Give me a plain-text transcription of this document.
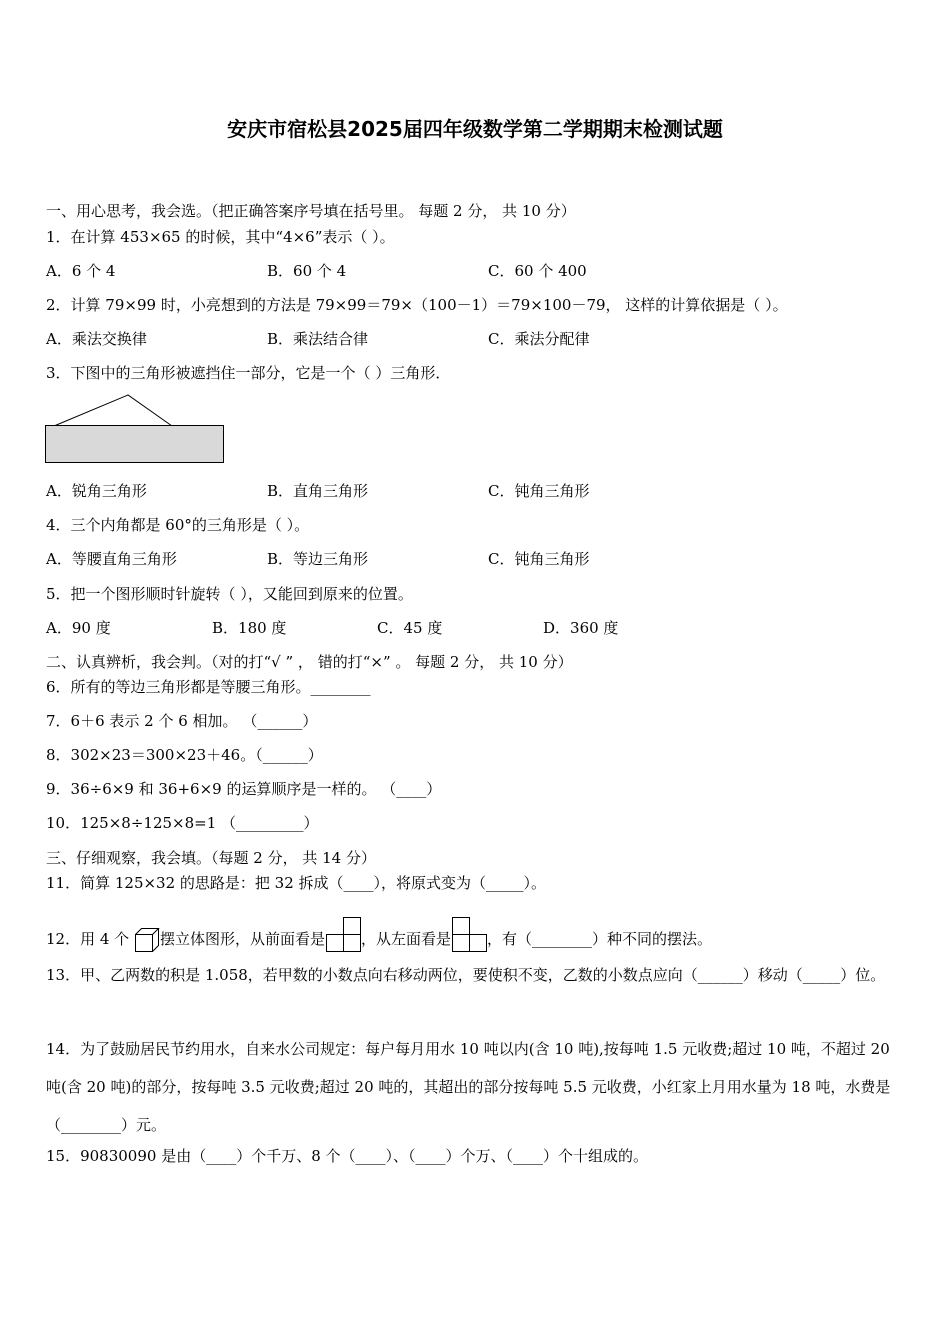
安庆市宿松县2025届四年级数学第二学期期末检测试题
一、用心思考，我会选。（把正确答案序号填在括号里。 每题 2 分， 共 10 分）
1．在计算 453×65 的时候，其中“4×6”表示（ ）。
A．6 个 4	B．60 个 4	C．60 个 400
2．计算 79×99 时，小亮想到的方法是 79×99＝79×（100－1）＝79×100－79， 这样的计算依据是（ ）。
A．乘法交换律	B．乘法结合律	C．乘法分配律
3．下图中的三角形被遮挡住一部分，它是一个（ ）三角形．
A．锐角三角形	B．直角三角形	C．钝角三角形
4．三个内角都是 60°的三角形是（ ）。
A．等腰直角三角形	B．等边三角形	C．钝角三角形
5．把一个图形顺时针旋转（ ），又能回到原来的位置。
A．90 度	B．180 度	C．45 度	D．360 度
二、认真辨析，我会判。（对的打“√ ” ， 错的打“×” 。 每题 2 分， 共 10 分）
6．所有的等边三角形都是等腰三角形。________
7．6＋6 表示 2 个 6 相加。 （______）
8．302×23＝300×23＋46。（______）
9．36÷6×9 和 36+6×9 的运算顺序是一样的。 （____）
10．125×8÷125×8=1 （_________）
三、仔细观察，我会填。（每题 2 分， 共 14 分）
11．简算 125×32 的思路是：把 32 拆成（____），将原式变为（_____）。
12．用 4 个 摆立体图形，从前面看是 ，从左面看是 ，有（________）种不同的摆法。
13．甲、乙两数的积是 1.058，若甲数的小数点向右移动两位，要使积不变，乙数的小数点应向（______）移动（_____）位。
14．为了鼓励居民节约用水，自来水公司规定：每户每月用水 10 吨以内(含 10 吨),按每吨 1.5 元收费;超过 10 吨，不超过 20 吨(含 20 吨)的部分，按每吨 3.5 元收费;超过 20 吨的，其超出的部分按每吨 5.5 元收费，小红家上月用水量为 18 吨，水费是（________）元。
15．90830090 是由（____）个千万、8 个（____）、（____）个万、（____）个十组成的。
